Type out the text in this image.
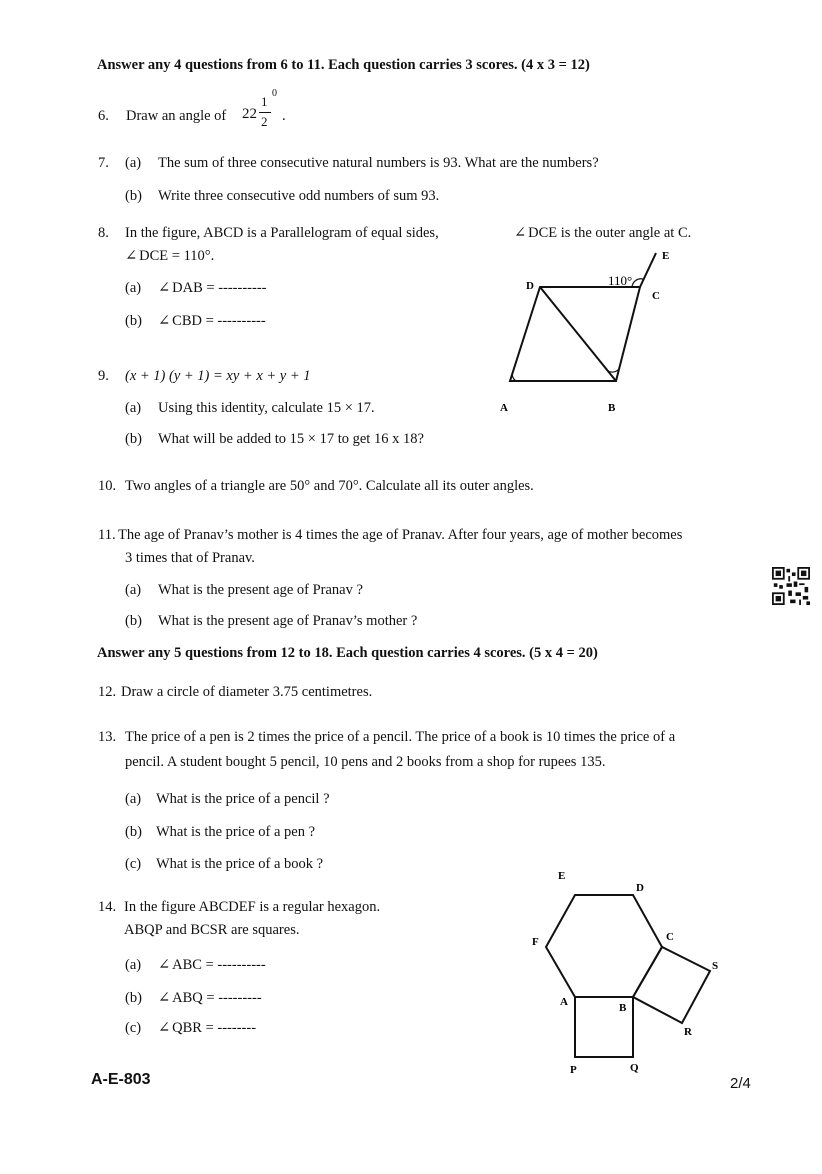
Answer any 4 questions from 6 to 11. Each question carries 3 scores. (4 x 3 = 12)
6. Draw an angle of 22
1
2
0
.
7. (a) The sum of three consecutive natural numbers is 93. What are the numbers?
(b) Write three consecutive odd numbers of sum 93.
8. In the figure, ABCD is a Parallelogram of equal sides,	∠ DCE is the outer angle at C.
∠ DCE = 110°.
(a)	∠ DAB = ----------
(b)	∠ CBD = ----------
D
C
E
A	B
110°
9. (x + 1) (y + 1) = xy + x + y + 1
(a) Using this identity, calculate 15 × 17.
(b) What will be added to 15 × 17 to get 16 x 18?
10. Two angles of a triangle are 50° and 70°. Calculate all its outer angles.
11. The age of Pranav’s mother is 4 times the age of Pranav. After four years, age of mother becomes
3 times that of Pranav.
(a) What is the present age of Pranav ?
(b) What is the present age of Pranav’s mother ?
Answer any 5 questions from 12 to 18. Each question carries 4 scores. (5 x 4 = 20)
12. Draw a circle of diameter 3.75 centimetres.
13. The price of a pen is 2 times the price of a pencil. The price of a book is 10 times the price of a
pencil. A student bought 5 pencil, 10 pens and 2 books from a shop for rupees 135.
(a) What is the price of a pencil ?
(b) What is the price of a pen ?
(c) What is the price of a book ?
14. In the figure ABCDEF is a regular hexagon.
ABQP and BCSR are squares.
(a)	∠ ABC = ----------
(b)	∠ ABQ = ---------
(c)	∠ QBR = --------
E
D
F	C
S
A	B
R
P	Q
A-E-803	2/4
